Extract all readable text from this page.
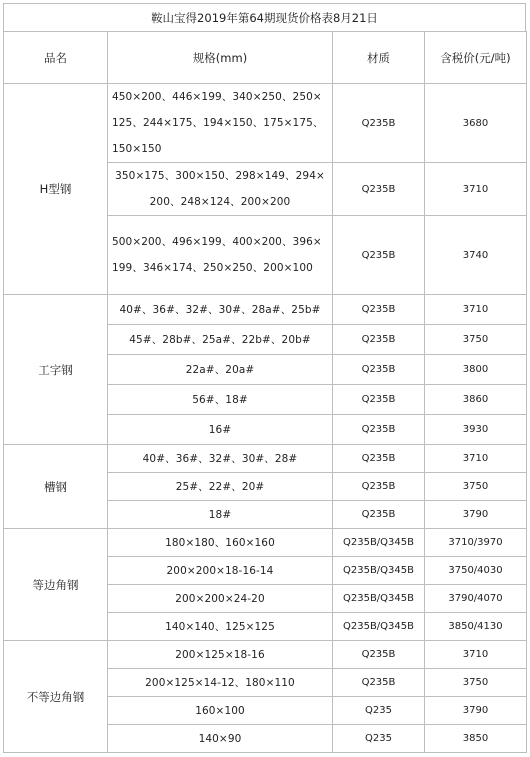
鞍山宝得2019年第64期现货价格表8月21日
品名	规格(mm)	材质	含税价(元/吨)
H型钢	450×200、446×199、340×250、250×125、244×175、194×150、175×175、150×150	Q235B	3680
	350×175、300×150、298×149、294×200、248×124、200×200	Q235B	3710
	500×200、496×199、400×200、396×199、346×174、250×250、200×100	Q235B	3740
工字钢	40#、36#、32#、30#、28a#、25b#	Q235B	3710
	45#、28b#、25a#、22b#、20b#	Q235B	3750
	22a#、20a#	Q235B	3800
	56#、18#	Q235B	3860
	16#	Q235B	3930
槽钢	40#、36#、32#、30#、28#	Q235B	3710
	25#、22#、20#	Q235B	3750
	18#	Q235B	3790
等边角钢	180×180、160×160	Q235B/Q345B	3710/3970
	200×200×18-16-14	Q235B/Q345B	3750/4030
	200×200×24-20	Q235B/Q345B	3790/4070
	140×140、125×125	Q235B/Q345B	3850/4130
不等边角钢	200×125×18-16	Q235B	3710
	200×125×14-12、180×110	Q235B	3750
	160×100	Q235	3790
	140×90	Q235	3850
